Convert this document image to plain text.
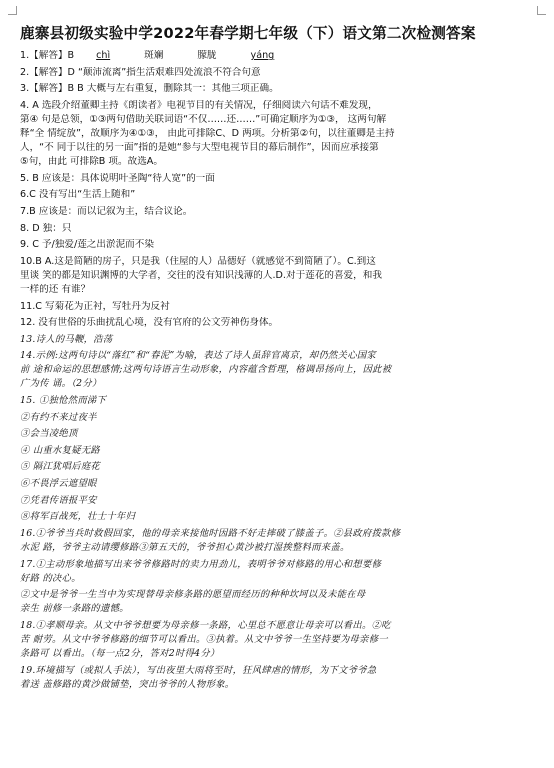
鹿寨县初级实验中学2022年春学期七年级（下）语文第二次检测答案
1.【解答】B chì	斑斓	朦胧	yáng
2.【解答】D “颠沛流离”指生活艰难四处流浪不符合句意
3.【解答】B B 大概与左右重复，删除其一：其他三项正确。
4. A 选段介绍董卿主持《朗读者》电视节目的有关情况，仔细阅读六句话不难发现，
第④ 句是总领，①③两句借助关联词语“不仅……还……”可确定顺序为①③， 这两句解
释“全 情绽放”，故顺序为④①③， 由此可排除C、D 两项。分析第②句，以往董卿是主持
人，“不 同于以往的另一面”指的是她“参与大型电视节目的幕后制作”，因而应承接第
⑤句，由此 可排除B 项。故选A。
5. B 应该是：具体说明叶圣陶“待人宽”的一面
6.C 没有写出“生活上随和”
7.B 应该是：而以记叙为主，结合议论。
8. D 独：只
9. C 予/独爱/莲之出淤泥而不染
10.B A.这是简陋的房子，只是我（住屋的人）品德好（就感觉不到简陋了）。C.到这
里谈 笑的都是知识渊博的大学者，交往的没有知识浅薄的人.D.对于莲花的喜爱，和我
一样的还 有谁？
11.C 写菊花为正衬，写牡丹为反衬
12. 没有世俗的乐曲扰乱心境，没有官府的公文劳神伤身体。
13.诗人的马鞭，浩荡
14.示例:这两句诗以“落红”和“春泥”为喻，表达了诗人虽辞官离京，却仍然关心国家
前 途和命运的思想感情;这两句诗语言生动形象，内容蕴含哲理，格调昂扬向上，因此被
广为传 诵。（2分）
15. ①独怆然而涕下
②有约不来过夜半
③会当凌绝顶
④ 山重水复疑无路
⑤ 隔江犹唱后庭花
⑥不畏浮云遮望眼
⑦凭君传语报平安
⑧将军百战死，壮士十年归
16.①爷爷当兵时救假回家，他的母亲来接他时因路不好走摔破了膝盖子。②县政府拨款修
水泥 路，爷爷主动请缨修路③第五天的，爷爷担心黄沙被打湿挨整料而来盖。
17.①主动形象地描写出来爷爷修路时的卖力用劲儿，表明爷爷对修路的用心和想要修
好路 的决心。
②文中是爷爷一生当中为实现替母亲修条路的愿望而经历的种种坎坷以及未能在母
亲生 前修一条路的遗憾。
18.①孝顺母亲。从文中爷爷想要为母亲修一条路，心里总不愿意让母亲可以看出。②吃
苦 耐劳。从文中爷爷修路的细节可以看出。③执着。从文中爷爷一生坚持要为母亲修一
条路可 以看出。（每一点2分，答对2时得4分）
19.环境描写（或拟人手法），写出夜里大雨将至时，狂风肆虐的情形，为下文爷爷急
着送 盖修路的黄沙做铺垫，突出爷爷的人物形象。
